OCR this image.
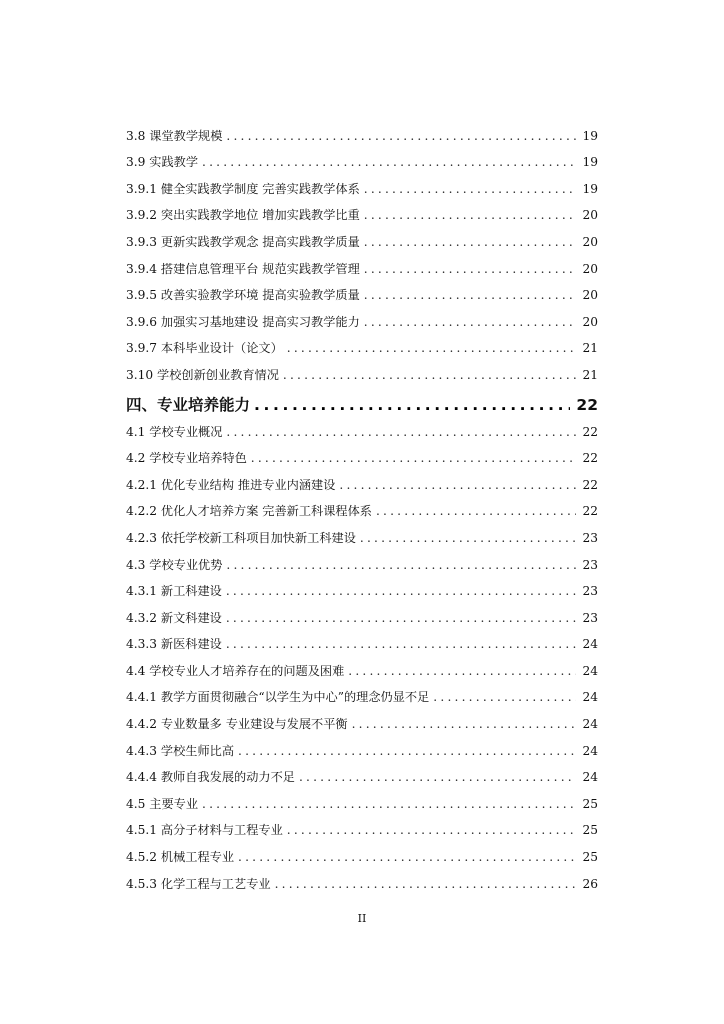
3.8 课堂教学规模 .....	19
3.9 实践教学 .....	19
3.9.1 健全实践教学制度 完善实践教学体系 .....	19
3.9.2 突出实践教学地位 增加实践教学比重 .....	20
3.9.3 更新实践教学观念 提高实践教学质量 .....	20
3.9.4 搭建信息管理平台 规范实践教学管理 .....	20
3.9.5 改善实验教学环境 提高实验教学质量 .....	20
3.9.6 加强实习基地建设 提高实习教学能力 .....	20
3.9.7 本科毕业设计（论文） .....	21
3.10 学校创新创业教育情况 .....	21
四、专业培养能力 .....	22
4.1 学校专业概况 .....	22
4.2 学校专业培养特色 .....	22
4.2.1 优化专业结构 推进专业内涵建设 .....	22
4.2.2 优化人才培养方案 完善新工科课程体系 .....	22
4.2.3 依托学校新工科项目加快新工科建设 .....	23
4.3 学校专业优势 .....	23
4.3.1 新工科建设 .....	23
4.3.2 新文科建设 .....	23
4.3.3 新医科建设 .....	24
4.4 学校专业人才培养存在的问题及困难 .....	24
4.4.1 教学方面贯彻融合“以学生为中心”的理念仍显不足 .....	24
4.4.2 专业数量多 专业建设与发展不平衡 .....	24
4.4.3 学校生师比高 .....	24
4.4.4 教师自我发展的动力不足 .....	24
4.5 主要专业 .....	25
4.5.1 高分子材料与工程专业 .....	25
4.5.2 机械工程专业 .....	25
4.5.3 化学工程与工艺专业 .....	26
II
